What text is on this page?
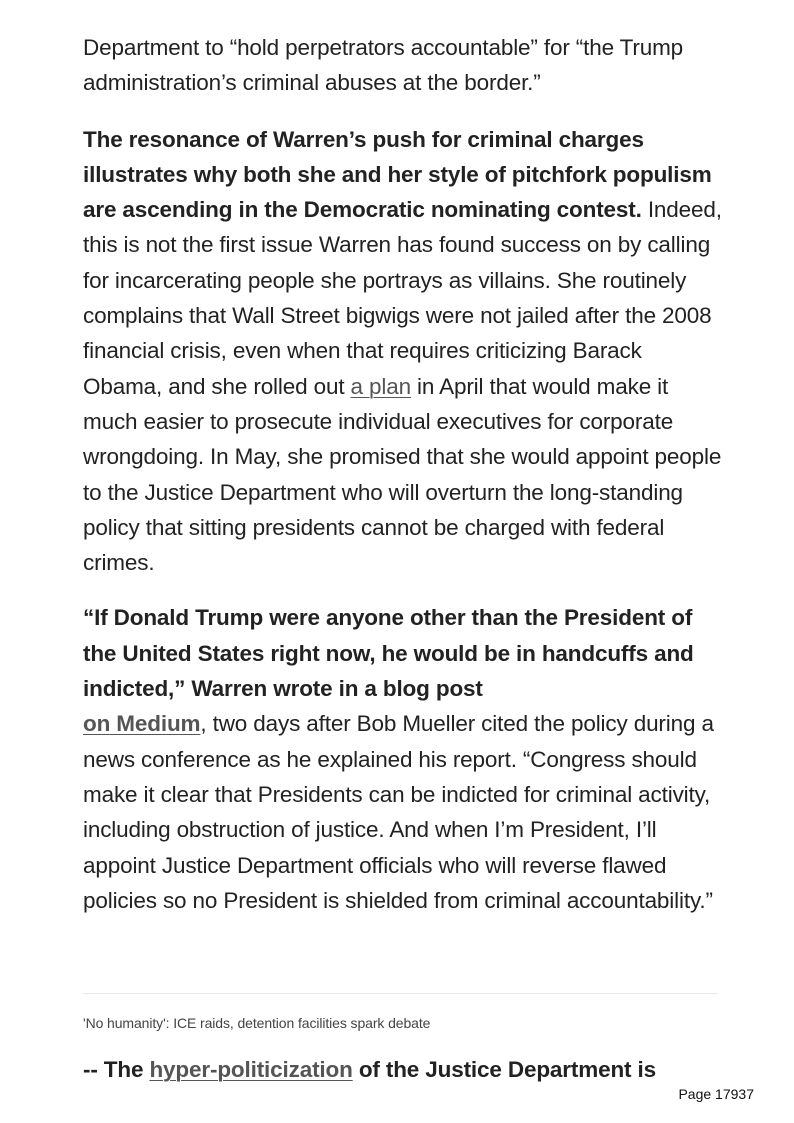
Department to “hold perpetrators accountable” for “the Trump administration’s criminal abuses at the border.”

The resonance of Warren’s push for criminal charges illustrates why both she and her style of pitchfork populism are ascending in the Democratic nominating contest. Indeed, this is not the first issue Warren has found success on by calling for incarcerating people she portrays as villains. She routinely complains that Wall Street bigwigs were not jailed after the 2008 financial crisis, even when that requires criticizing Barack Obama, and she rolled out a plan in April that would make it much easier to prosecute individual executives for corporate wrongdoing. In May, she promised that she would appoint people to the Justice Department who will overturn the long-standing policy that sitting presidents cannot be charged with federal crimes.

“If Donald Trump were anyone other than the President of the United States right now, he would be in handcuffs and indicted,” Warren wrote in a blog post
on Medium, two days after Bob Mueller cited the policy during a news conference as he explained his report. “Congress should make it clear that Presidents can be indicted for criminal activity, including obstruction of justice. And when I’m President, I’ll appoint Justice Department officials who will reverse flawed policies so no President is shielded from criminal accountability.”

'No humanity': ICE raids, detention facilities spark debate
-- The hyper-politicization of the Justice Department is
Page 17937
